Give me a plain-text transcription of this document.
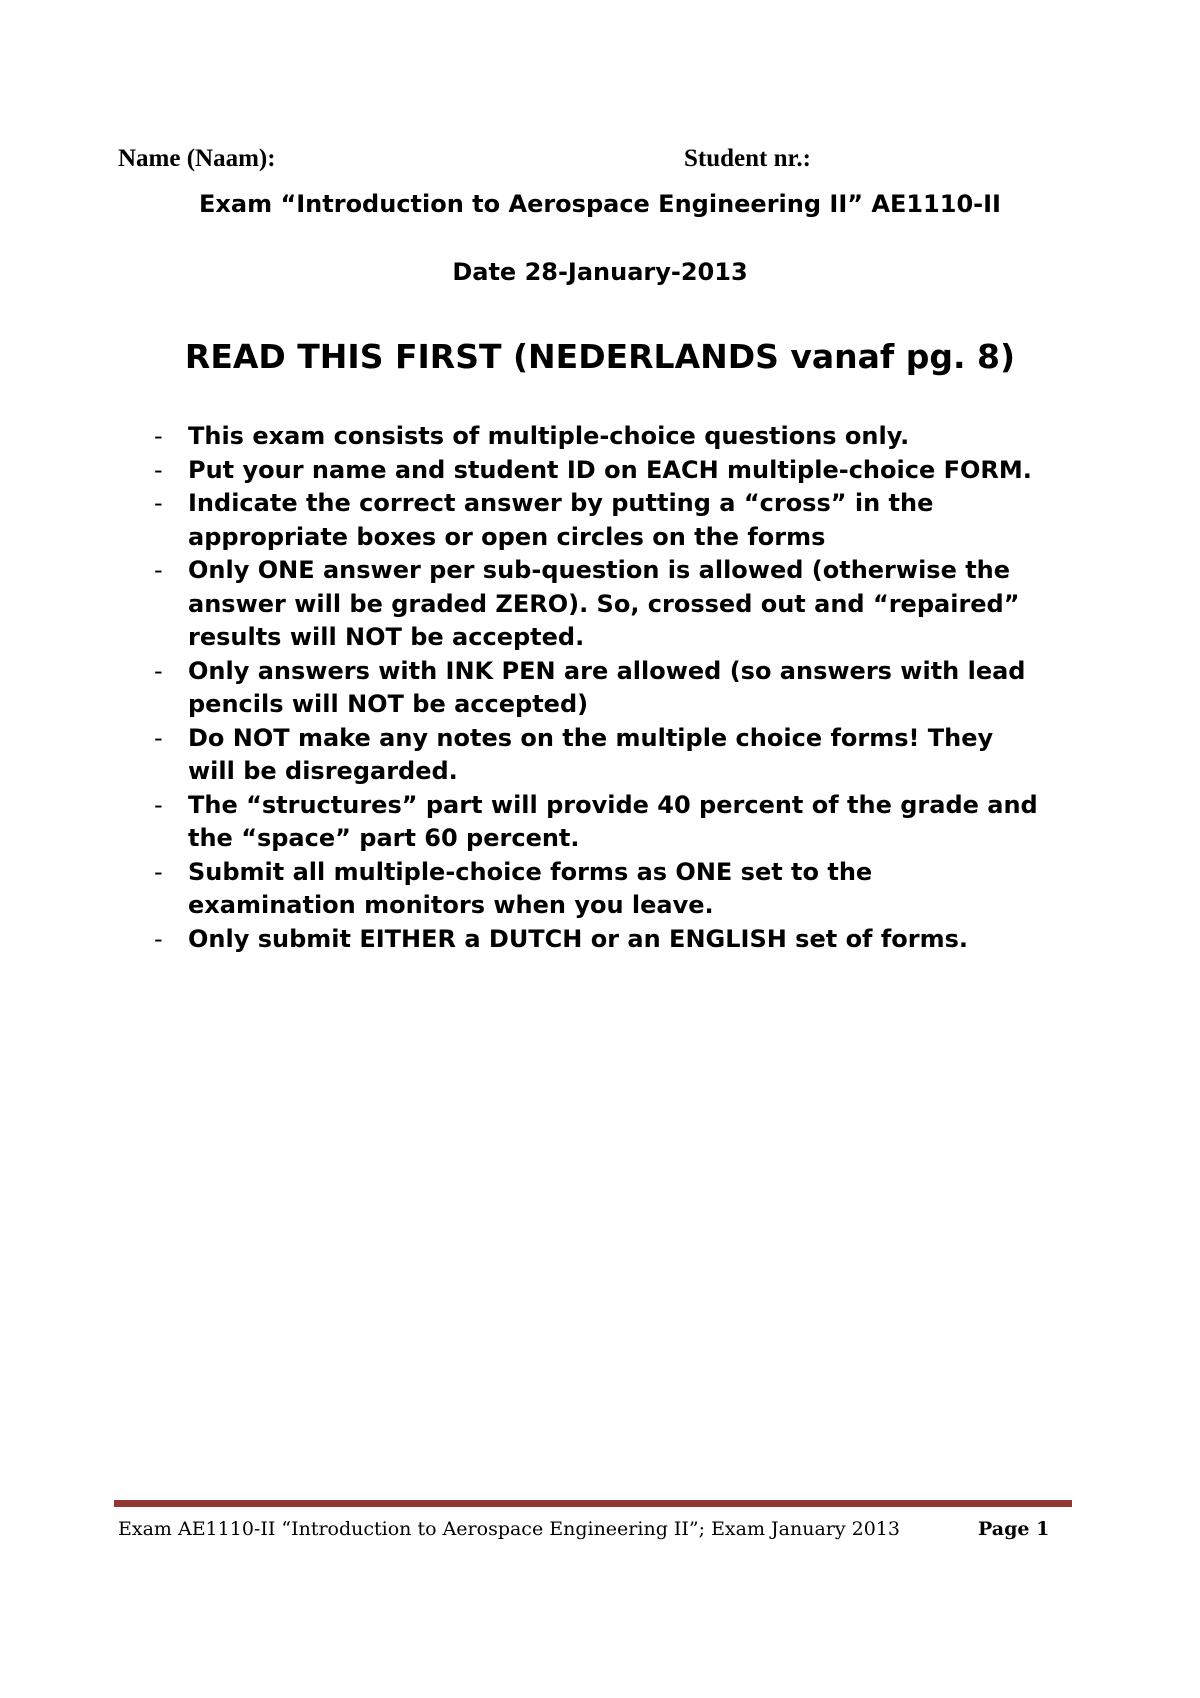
Name (Naam):	Student nr.:
Exam “Introduction to Aerospace Engineering II” AE1110-II
Date 28-January-2013
READ THIS FIRST (NEDERLANDS vanaf pg. 8)
- This exam consists of multiple-choice questions only.
- Put your name and student ID on EACH multiple-choice FORM.
- Indicate the correct answer by putting a “cross” in the
appropriate boxes or open circles on the forms
- Only ONE answer per sub-question is allowed (otherwise the
answer will be graded ZERO). So, crossed out and “repaired”
results will NOT be accepted.
- Only answers with INK PEN are allowed (so answers with lead
pencils will NOT be accepted)
- Do NOT make any notes on the multiple choice forms! They
will be disregarded.
- The “structures” part will provide 40 percent of the grade and
the “space” part 60 percent.
- Submit all multiple-choice forms as ONE set to the
examination monitors when you leave.
- Only submit EITHER a DUTCH or an ENGLISH set of forms.
Exam AE1110-II “Introduction to Aerospace Engineering II”; Exam January 2013	Page 1
